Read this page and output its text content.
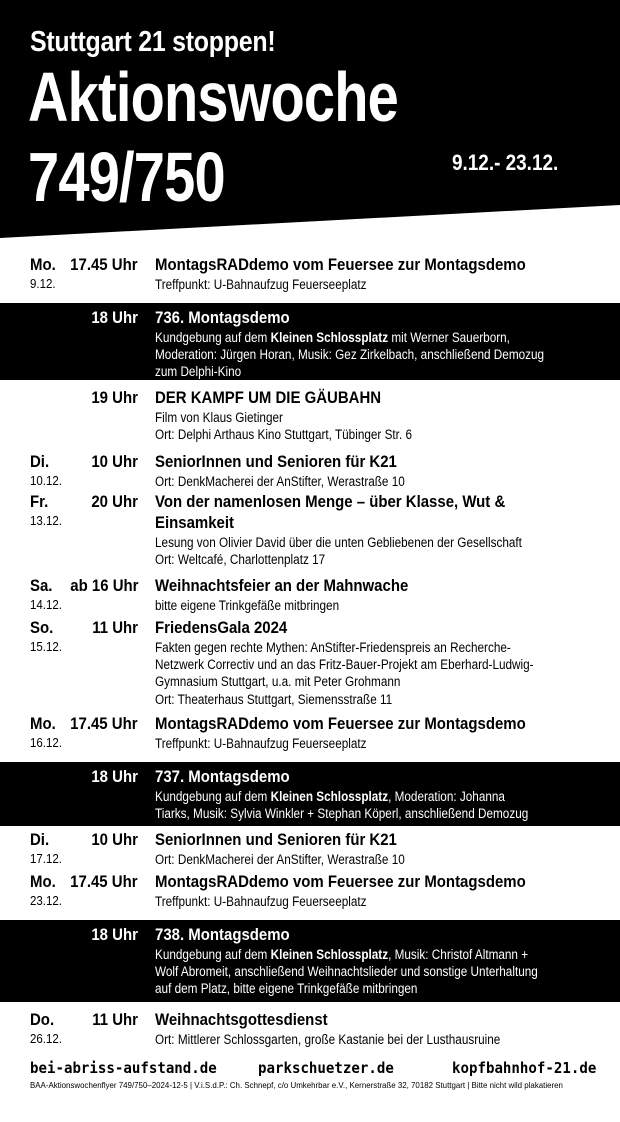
Stuttgart 21 stoppen!
Aktionswoche
749/750	9.12.- 23.12.
Mo.
9.12.
17.45 Uhr MontagsRADdemo vom Feuersee zur Montagsdemo
Treffpunkt: U-Bahnaufzug Feuerseeplatz
18 Uhr 736. Montagsdemo
Kundgebung auf dem Kleinen Schlossplatz mit Werner Sauerborn,
Moderation: Jürgen Horan, Musik: Gez Zirkelbach, anschließend Demozug
zum Delphi-Kino
19 Uhr DER KAMPF UM DIE GÄUBAHN
Film von Klaus Gietinger
Ort: Delphi Arthaus Kino Stuttgart, Tübinger Str. 6
Di.
10.12.
10 Uhr SeniorInnen und Senioren für K21
Ort: DenkMacherei der AnStifter, Werastraße 10
Fr.
13.12.
20 Uhr Von der namenlosen Menge – über Klasse, Wut &
Einsamkeit
Lesung von Olivier David über die unten Gebliebenen der Gesellschaft
Ort: Weltcafé, Charlottenplatz 17
Sa.
14.12.
ab 16 Uhr Weihnachtsfeier an der Mahnwache
bitte eigene Trinkgefäße mitbringen
So.
15.12.
11 Uhr FriedensGala 2024
Fakten gegen rechte Mythen: AnStifter-Friedenspreis an Recherche-
Netzwerk Correctiv und an das Fritz-Bauer-Projekt am Eberhard-Ludwig-
Gymnasium Stuttgart, u.a. mit Peter Grohmann
Ort: Theaterhaus Stuttgart, Siemensstraße 11
Mo.
16.12.
17.45 Uhr MontagsRADdemo vom Feuersee zur Montagsdemo
Treffpunkt: U-Bahnaufzug Feuerseeplatz
18 Uhr 737. Montagsdemo
Kundgebung auf dem Kleinen Schlossplatz, Moderation: Johanna
Tiarks, Musik: Sylvia Winkler + Stephan Köperl, anschließend Demozug
Di.
17.12.
10 Uhr SeniorInnen und Senioren für K21
Ort: DenkMacherei der AnStifter, Werastraße 10
Mo.
23.12.
17.45 Uhr MontagsRADdemo vom Feuersee zur Montagsdemo
Treffpunkt: U-Bahnaufzug Feuerseeplatz
18 Uhr 738. Montagsdemo
Kundgebung auf dem Kleinen Schlossplatz, Musik: Christof Altmann +
Wolf Abromeit, anschließend Weihnachtslieder und sonstige Unterhaltung
auf dem Platz, bitte eigene Trinkgefäße mitbringen
Do.
26.12.
11 Uhr Weihnachtsgottesdienst
Ort: Mittlerer Schlossgarten, große Kastanie bei der Lusthausruine
bei-abriss-aufstand.de	parkschuetzer.de	kopfbahnhof-21.de
BAA-Aktionswochenflyer 749/750–2024-12-5 | V.i.S.d.P.: Ch. Schnepf, c/o Umkehrbar e.V., Kernerstraße 32, 70182 Stuttgart | Bitte nicht wild plakatieren
